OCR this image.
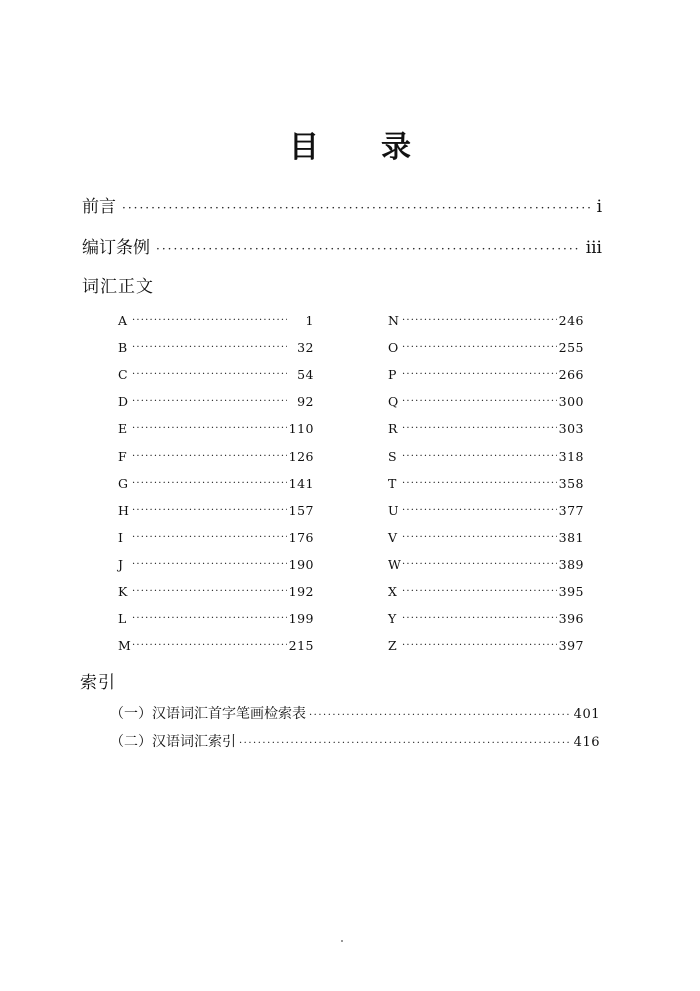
目 录
前言 ·····	i
编订条例 ·····	iii
词汇正文
A ·····	1
B ·····	32
C ·····	54
D ·····	92
E ·····	110
F ·····	126
G ·····	141
H ·····	157
I ·····	176
J ·····	190
K ·····	192
L ·····	199
M ·····	215
N ·····	246
O ·····	255
P ·····	266
Q ·····	300
R ·····	303
S ·····	318
T ·····	358
U ·····	377
V ·····	381
W ·····	389
X ·····	395
Y ·····	396
Z ·····	397
索引
（一）汉语词汇首字笔画检索表 ·····	401
（二）汉语词汇索引 ·····	416
